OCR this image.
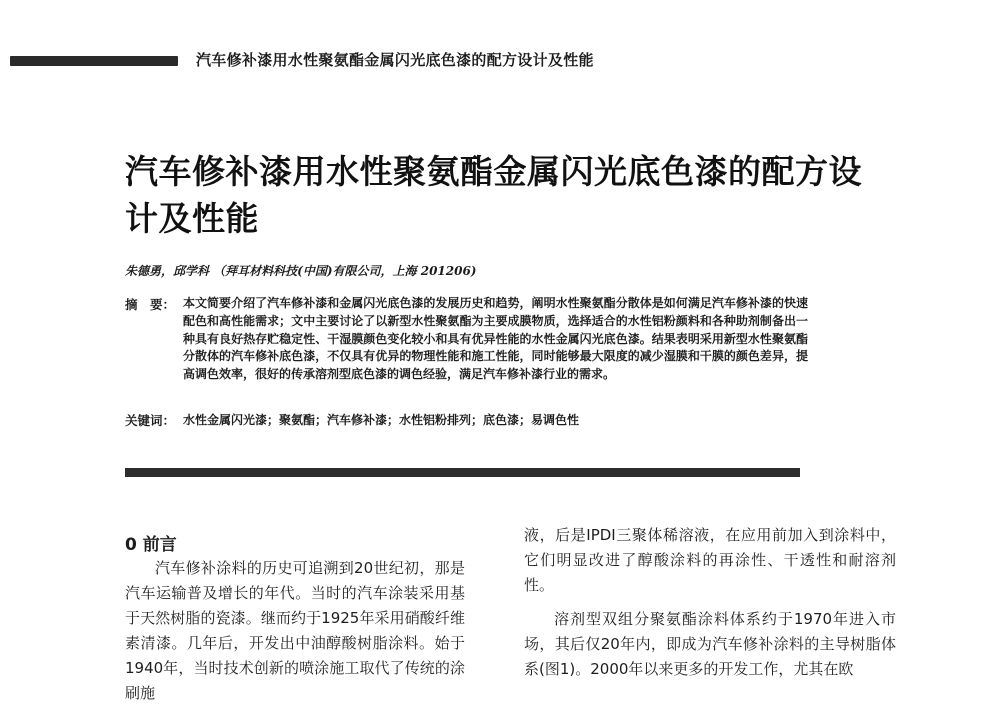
汽车修补漆用水性聚氨酯金属闪光底色漆的配方设计及性能
汽车修补漆用水性聚氨酯金属闪光底色漆的配方设计及性能
朱德勇，邱学科 （拜耳材料科技(中国)有限公司，上海 201206)
摘　要： 本文简要介绍了汽车修补漆和金属闪光底色漆的发展历史和趋势，阐明水性聚氨酯分散体是如何满足汽车修补漆的快速配色和高性能需求；文中主要讨论了以新型水性聚氨酯为主要成膜物质，选择适合的水性铝粉颜料和各种助剂制备出一种具有良好热存贮稳定性、干湿膜颜色变化较小和具有优异性能的水性金属闪光底色漆。结果表明采用新型水性聚氨酯分散体的汽车修补底色漆，不仅具有优异的物理性能和施工性能，同时能够最大限度的减少湿膜和干膜的颜色差异，提高调色效率，很好的传承溶剂型底色漆的调色经验，满足汽车修补漆行业的需求。
关键词： 水性金属闪光漆；聚氨酯；汽车修补漆；水性铝粉排列；底色漆；易调色性
0 前言

汽车修补涂料的历史可追溯到20世纪初，那是汽车运输普及增长的年代。当时的汽车涂装采用基于天然树脂的瓷漆。继而约于1925年采用硝酸纤维素清漆。几年后，开发出中油醇酸树脂涂料。始于1940年，当时技术创新的喷涂施工取代了传统的涂刷施

液，后是IPDI三聚体稀溶液，在应用前加入到涂料中，它们明显改进了醇酸涂料的再涂性、干透性和耐溶剂性。

溶剂型双组分聚氨酯涂料体系约于1970年进入市场，其后仅20年内，即成为汽车修补涂料的主导树脂体系(图1)。2000年以来更多的开发工作，尤其在欧
